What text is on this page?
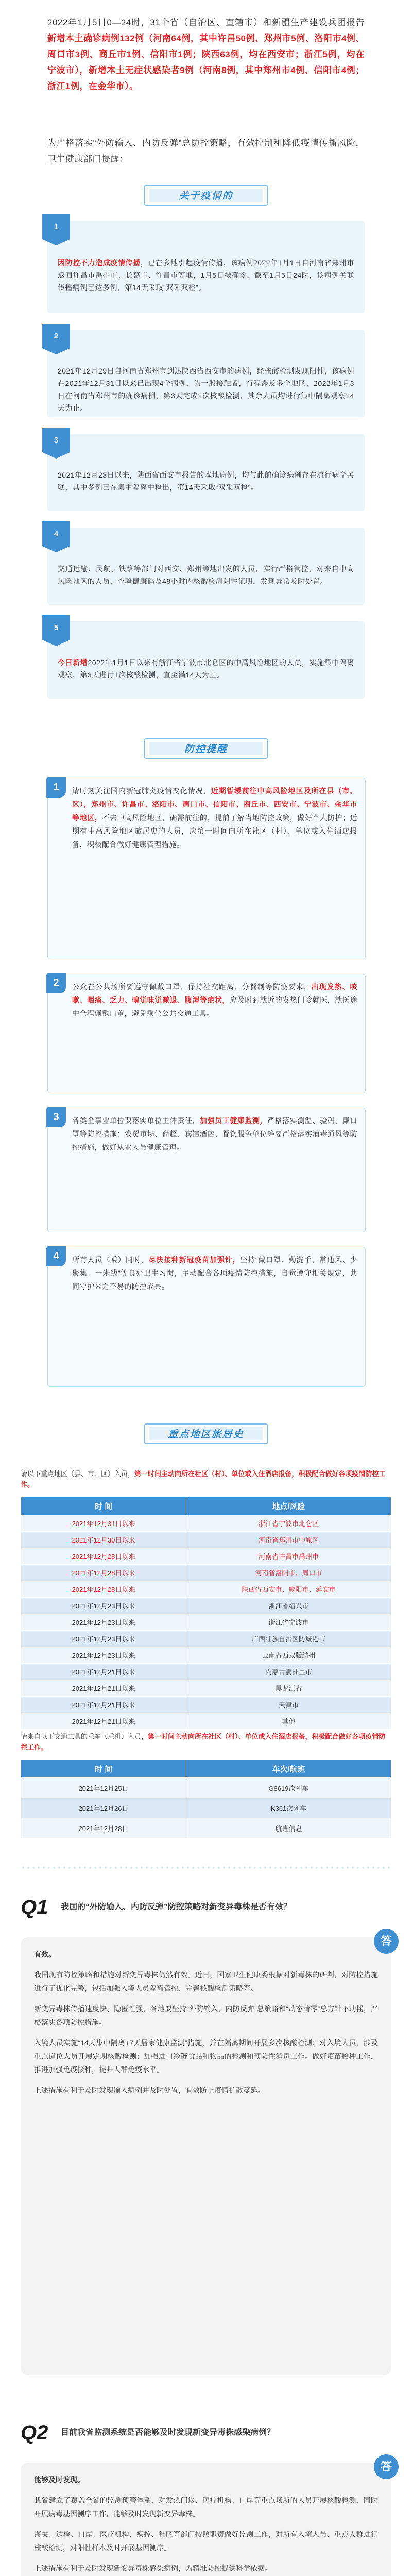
2022年1月5日0—24时，31个省（自治区、直辖市）和新疆生产建设兵团报告新增本土确诊病例132例（河南64例，其中许昌50例、郑州市5例、洛阳市4例、周口市3例、商丘市1例、信阳市1例；陕西63例，均在西安市；浙江5例，均在宁波市），新增本土无症状感染者9例（河南8例，其中郑州市4例、信阳市4例；浙江1例，在金华市）。
为严格落实“外防输入、内防反弹”总防控策略，有效控制和降低疫情传播风险，卫生健康部门提醒：
关于疫情的
1
因防控不力造成疫情传播，已在多地引起疫情传播，该病例2022年1月1日自河南省郑州市返回许昌市禹州市、长葛市、许昌市等地，1月5日被确诊，截至1月5日24时，该病例关联传播病例已达多例，第14天采取“双采双检”。
2
2021年12月29日自河南省郑州市到达陕西省西安市的病例，经核酸检测发现阳性，该病例在2021年12月31日以来已出现4个病例，为一般接触者，行程涉及多个地区，2022年1月3日在河南省郑州市的确诊病例，第3天完成1次核酸检测，其余人员均进行集中隔离观察14天为止。
3
2021年12月23日以来，陕西省西安市报告的本地病例，均与此前确诊病例存在流行病学关联，其中多例已在集中隔离中检出，第14天采取“双采双检”。
4
交通运输、民航、铁路等部门对西安、郑州等地出发的人员，实行严格管控，对来自中高风险地区的人员，查验健康码及48小时内核酸检测阴性证明，发现异常及时处置。
5
今日新增2022年1月1日以来有浙江省宁波市北仑区的中高风险地区的人员，实施集中隔离观察，第3天进行1次核酸检测，直至满14天为止。
防控提醒
1	请时刻关注国内新冠肺炎疫情变化情况，近期暂缓前往中高风险地区及所在县（市、区），郑州市、许昌市、洛阳市、周口市、信阳市、商丘市、西安市、宁波市、金华市等地区，不去中高风险地区，确需前往的，提前了解当地防控政策，做好个人防护；近期有中高风险地区旅居史的人员，应第一时间向所在社区（村）、单位或入住酒店报备，积极配合做好健康管理措施。
2	公众在公共场所要遵守佩戴口罩、保持社交距离、分餐制等防疫要求，出现发热、咳嗽、咽痛、乏力、嗅觉味觉减退、腹泻等症状，应及时到就近的发热门诊就医，就医途中全程佩戴口罩，避免乘坐公共交通工具。
3	各类企事业单位要落实单位主体责任，加强员工健康监测，严格落实测温、验码、戴口罩等防控措施；农贸市场、商超、宾馆酒店、餐饮服务单位等要严格落实消毒通风等防控措施，做好从业人员健康管理。
4	所有人员（乘）同时，尽快接种新冠疫苗加强针，坚持“戴口罩、勤洗手、常通风、少聚集、一米线”等良好卫生习惯，主动配合各项疫情防控措施，自觉遵守相关规定，共同守护来之不易的防控成果。
重点地区旅居史
请以下重点地区（县、市、区）入员，第一时间主动向所在社区（村）、单位或入住酒店报备，积极配合做好各项疫情防控工作。
时 间	地点/风险
2021年12月31日以来	浙江省宁波市北仑区
2021年12月30日以来	河南省郑州市中原区
2021年12月28日以来	河南省许昌市禹州市
2021年12月28日以来	河南省洛阳市、周口市
2021年12月28日以来	陕西省西安市、咸阳市、延安市
2021年12月23日以来	浙江省绍兴市
2021年12月23日以来	浙江省宁波市
2021年12月23日以来	广西壮族自治区防城港市
2021年12月23日以来	云南省西双版纳州
2021年12月21日以来	内蒙古满洲里市
2021年12月21日以来	黑龙江省
2021年12月21日以来	天津市
2021年12月21日以来	其他
请来自以下交通工具的乘车（乘机）入员，第一时间主动向所在社区（村）、单位或入住酒店报备，积极配合做好各项疫情防控工作。
时 间	车次/航班
2021年12月25日	G8619次列车
2021年12月26日	K361次列车
2021年12月28日	航班信息
Q1 我国的“外防输入、内防反弹”防控策略对新变异毒株是否有效？
答

有效。

我国现有防控策略和措施对新变异毒株仍然有效。近日，国家卫生健康委根据对新毒株的研判，对防控措施进行了优化完善，包括加强入境人员隔离管控、完善核酸检测策略等。

新变异毒株传播速度快、隐匿性强，各地要坚持“外防输入、内防反弹”总策略和“动态清零”总方针不动摇，严格落实各项防控措施。

入境人员实施“14天集中隔离+7天居家健康监测”措施，并在隔离期间开展多次核酸检测；对入境人员、涉及重点岗位人员开展定期核酸检测；加强进口冷链食品和物品的检测和预防性消毒工作。做好疫苗接种工作，推进加强免疫接种，提升人群免疫水平。

上述措施有利于及时发现输入病例并及时处置，有效防止疫情扩散蔓延。

Q2 目前我省监测系统是否能够及时发现新变异毒株感染病例？
答

能够及时发现。

我省建立了覆盖全省的监测预警体系，对发热门诊、医疗机构、口岸等重点场所的人员开展核酸检测，同时开展病毒基因测序工作，能够及时发现新变异毒株。

海关、边检、口岸、医疗机构、疾控、社区等部门按照职责做好监测工作，对所有入境人员、重点人群进行核酸检测，对阳性样本及时开展基因测序。

上述措施有利于及时发现新变异毒株感染病例，为精准防控提供科学依据。
